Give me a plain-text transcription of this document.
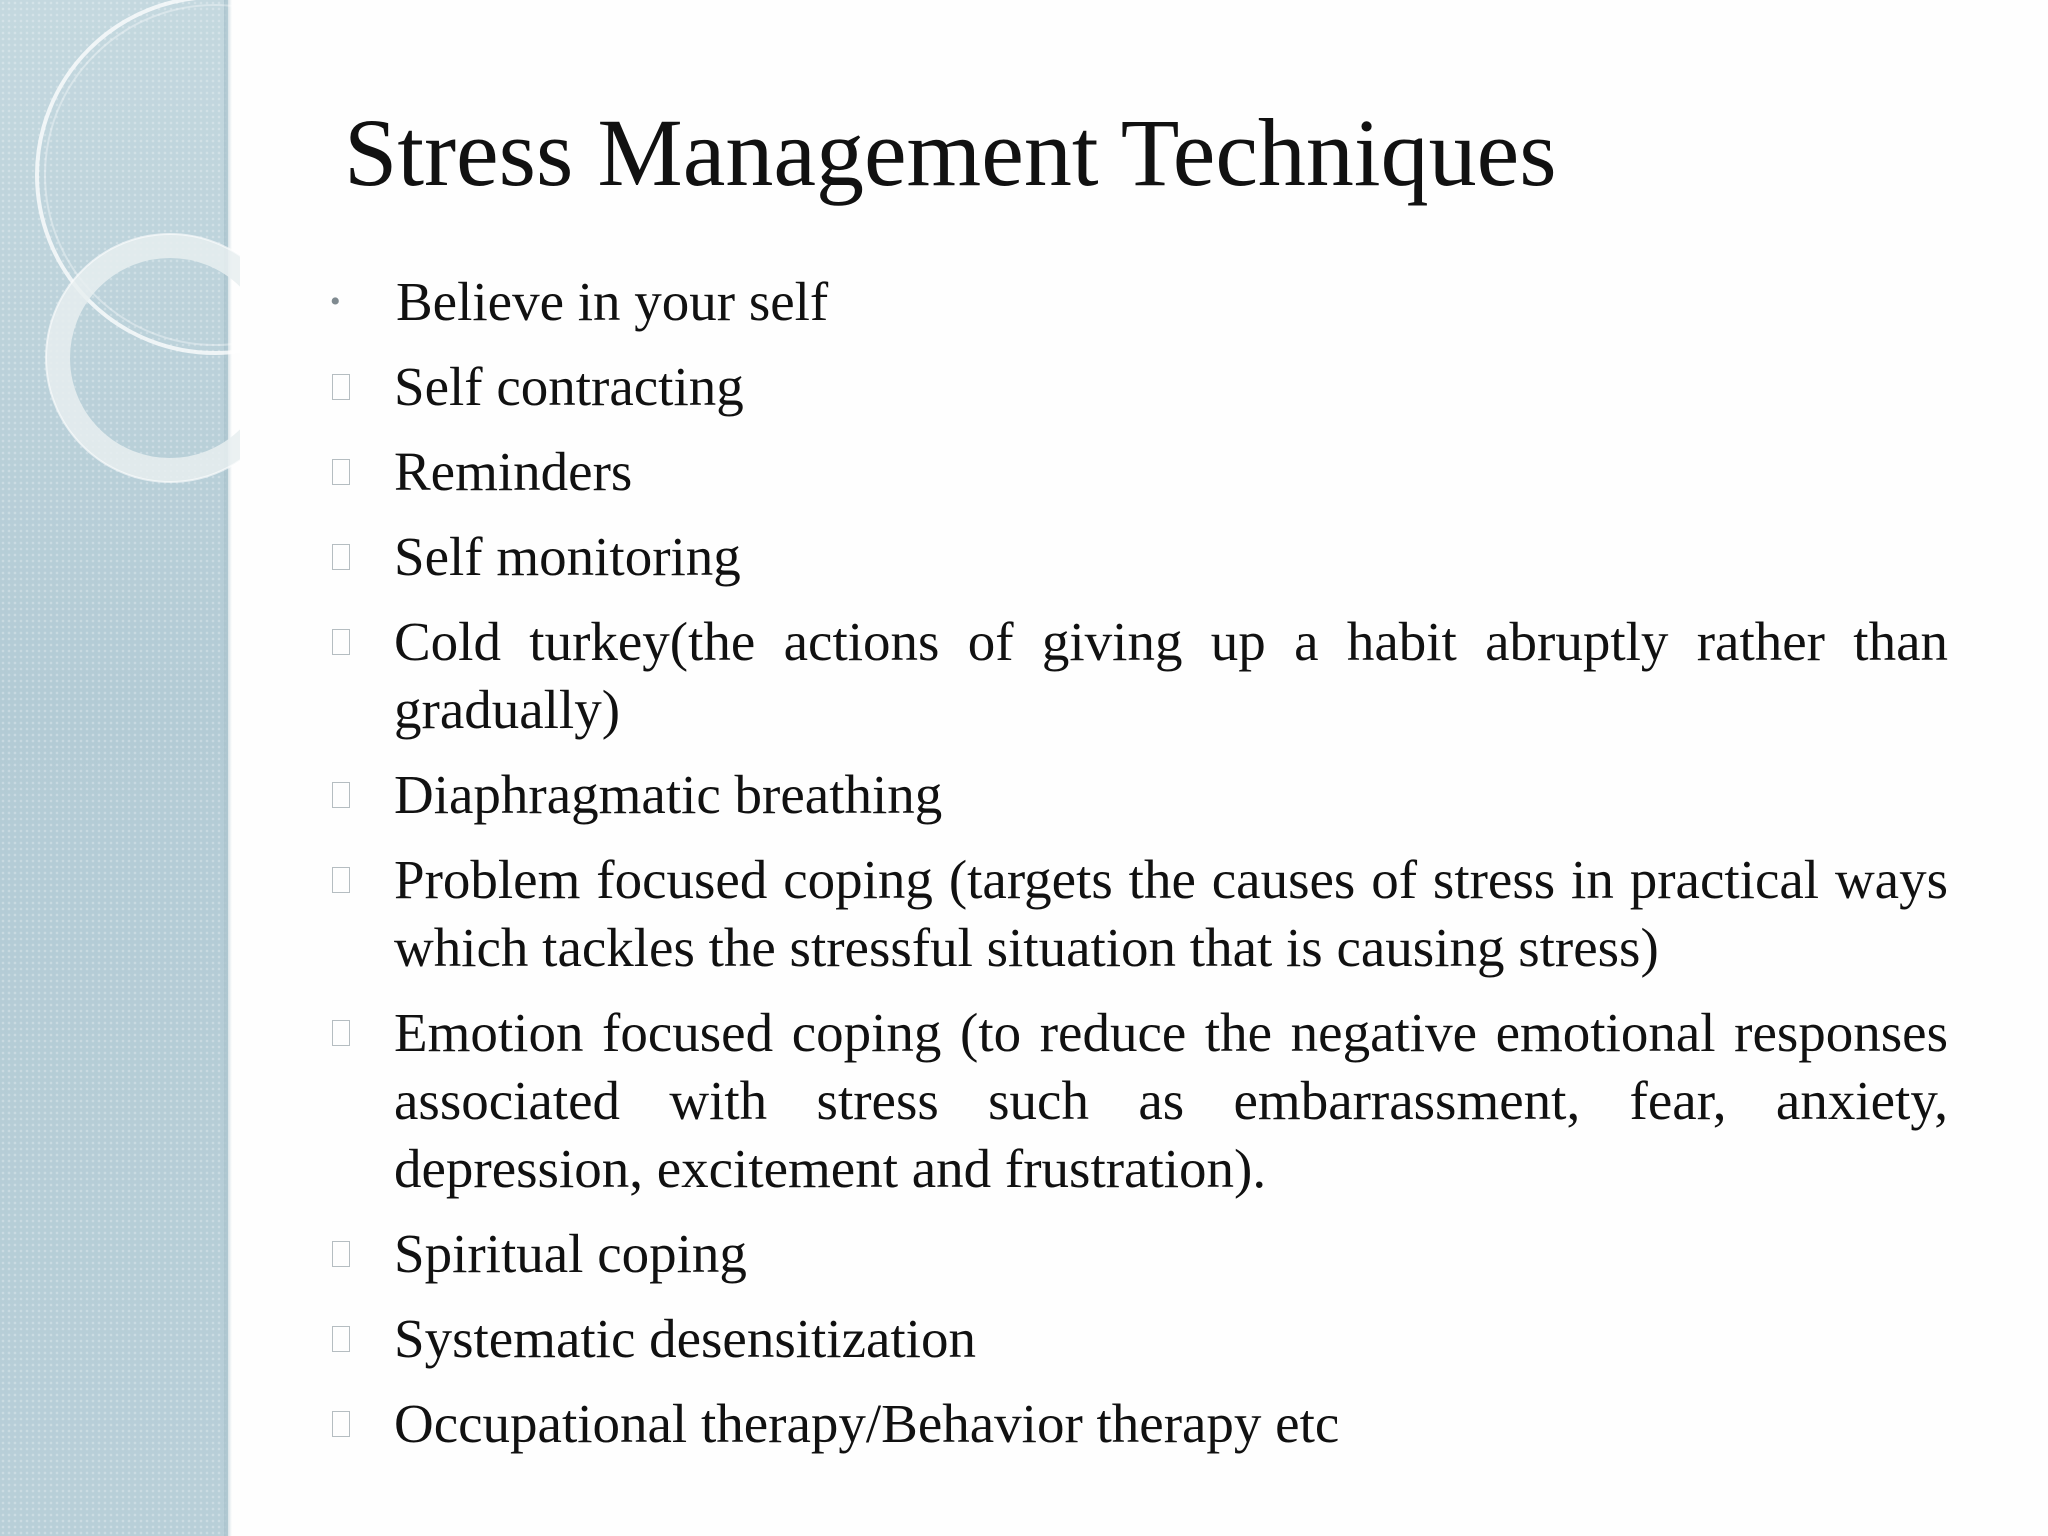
Stress Management Techniques
•	Believe in your self
Self contracting
Reminders
Self monitoring
Cold turkey(the actions of giving up a habit abruptly rather than gradually)
Diaphragmatic breathing
Problem focused coping (targets the causes of stress in practical ways which tackles the stressful situation that is causing stress)
Emotion focused coping (to reduce the negative emotional responses associated with stress such as embarrassment, fear, anxiety, depression, excitement and frustration).
Spiritual coping
Systematic desensitization
Occupational therapy/Behavior therapy etc
